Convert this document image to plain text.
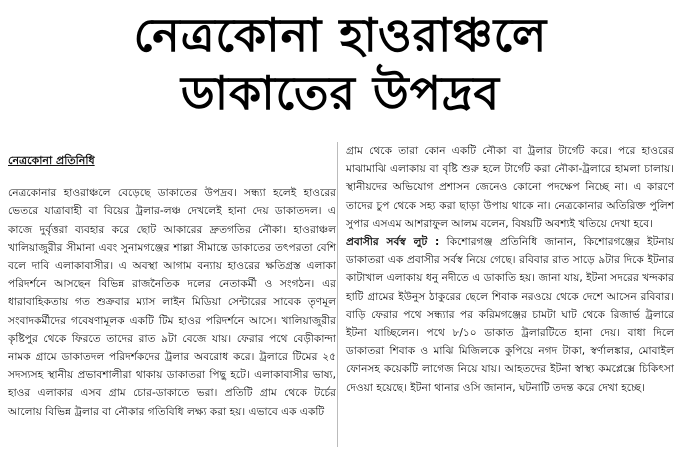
নেত্রকোনা হাওরাঞ্চলে
ডাকাতের উপদ্রব
নেত্রকোনা প্রতিনিধি
নেত্রকোনার হাওরাঞ্চলে বেড়েছে ডাকাতের উপদ্রব। সন্ধ্যা হলেই হাওরের ভেতরে যাত্রাবাহী বা বিয়ের ট্রলার-লঞ্চ দেখলেই হানা দেয় ডাকাতদল। এ কাজে দুর্বৃত্তরা ব্যবহার করে ছোট আকারের দ্রুতগতির নৌকা। হাওরাঞ্চল খালিয়াজুরীর সীমানা এবং সুনামগঞ্জের শাল্লা সীমান্তে ডাকাতের তৎপরতা বেশি বলে দাবি এলাকাবাসীর। এ অবস্থা আগাম বন্যায় হাওরের ক্ষতিগ্রস্ত এলাকা পরিদর্শনে আসছেন বিভিন্ন রাজনৈতিক দলের নেতাকর্মী ও সংগঠন। এর ধারাবাহিকতায় গত শুক্রবার ম্যাস লাইন মিডিয়া সেন্টারের সাবেক তৃণমূল সংবাদকর্মীদের গবেষণামূলক একটি টিম হাওর পরিদর্শনে আসে। খালিয়াজুরীর কৃষ্টিপুর থেকে ফিরতে তাদের রাত ৯টা বেজে যায়। ফেরার পথে বেড়ীকান্দা নামক গ্রামে ডাকাতদল পরিদর্শকদের ট্রলার অবরোধ করে। ট্রলারে টিমের ২৫ সদস্যসহ স্থানীয় প্রভাবশালীরা থাকায় ডাকাতরা পিছু হটে। এলাকাবাসীর ভাষ্য, হাওর এলাকার এসব গ্রাম চোর-ডাকাতে ভরা। প্রতিটি গ্রাম থেকে টর্চের আলোয় বিভিন্ন ট্রলার বা নৌকার গতিবিধি লক্ষ্য করা হয়। এভাবে এক একটি
গ্রাম থেকে তারা কোন একটি নৌকা বা ট্রলার টার্গেট করে। পরে হাওরের মাঝামাঝি এলাকায় বা বৃষ্টি শুরু হলে টার্গেট করা নৌকা-ট্রলারে হামলা চালায়। স্থানীয়দের অভিযোগ প্রশাসন জেনেও কোনো পদক্ষেপ নিচ্ছে না। এ কারণে তাদের চুপ থেকে সহ্য করা ছাড়া উপায় থাকে না। নেত্রকোনার অতিরিক্ত পুলিশ সুপার এসএম আশরাফুল আলম বলেন, বিষয়টি অবশ্যই খতিয়ে দেখা হবে।
প্রবাসীর সর্বস্ব লুট : কিশোরগঞ্জ প্রতিনিধি জানান, কিশোরগঞ্জের ইটনায় ডাকাতরা এক প্রবাসীর সর্বস্ব নিয়ে গেছে। রবিবার রাত সাড়ে ৯টার দিকে ইটনার কাটাখাল এলাকায় ধনু নদীতে এ ডাকাতি হয়। জানা যায়, ইটনা সদরের খন্দকার হাটি গ্রামের ইউনুস ঠাকুরের ছেলে শিবাক নরওয়ে থেকে দেশে আসেন রবিবার। বাড়ি ফেরার পথে সন্ধ্যার পর করিমগঞ্জের চামটা ঘাট থেকে রিজার্ভ ট্রলারে ইটনা যাচ্ছিলেন। পথে ৮/১০ ডাকাত ট্রলারটিতে হানা দেয়। বাধা দিলে ডাকাতরা শিবাক ও মাঝি মিজিলকে কুপিয়ে নগদ টাকা, স্বর্ণালঙ্কার, মোবাইল ফোনসহ কয়েকটি লাগেজ নিয়ে যায়। আহতদের ইটনা স্বাস্থ্য কমপ্লেক্সে চিকিৎসা দেওয়া হয়েছে। ইটনা থানার ওসি জানান, ঘটনাটি তদন্ত করে দেখা হচ্ছে।
